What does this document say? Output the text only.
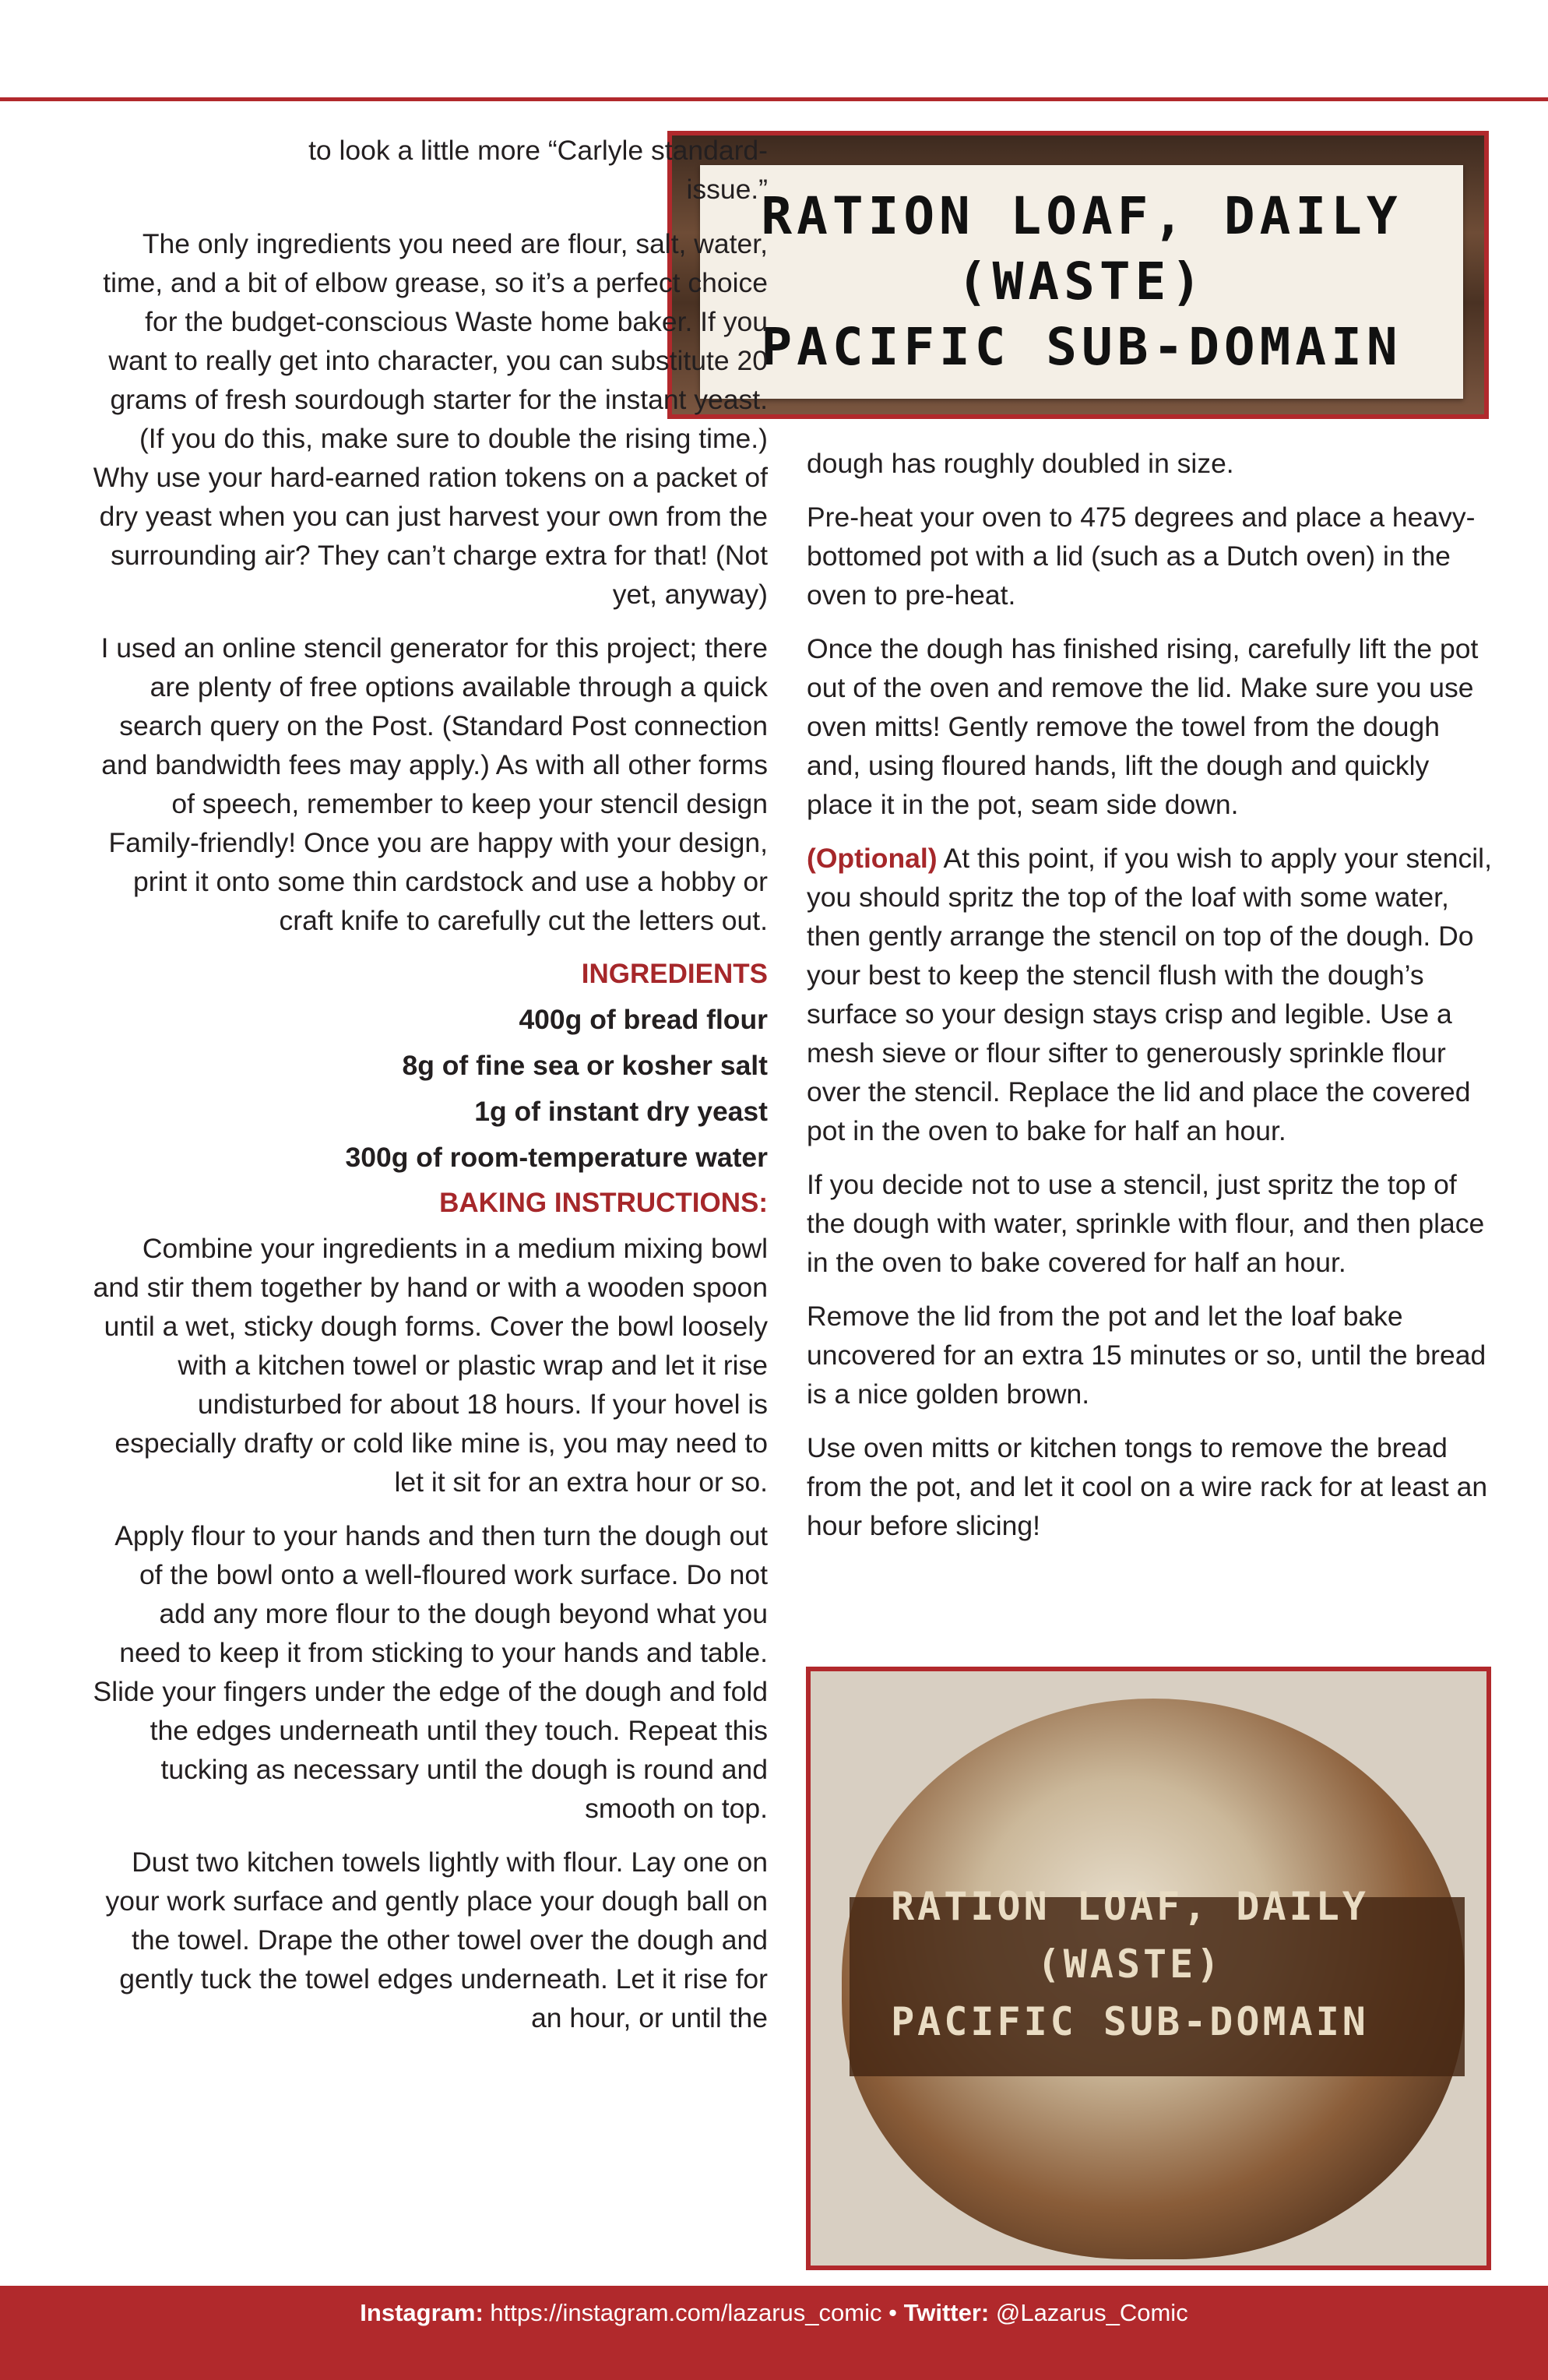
RATION LOAF, DAILY
(WASTE)
PACIFIC SUB-DOMAIN

to look a little more “Carlyle standard-issue.”

The only ingredients you need are flour, salt, water, time, and a bit of elbow grease, so it’s a perfect choice for the budget-conscious Waste home baker. If you want to really get into character, you can substitute 20 grams of fresh sourdough starter for the instant yeast. (If you do this, make sure to double the rising time.) Why use your hard-earned ration tokens on a packet of dry yeast when you can just harvest your own from the surrounding air? They can’t charge extra for that! (Not yet, anyway)

I used an online stencil generator for this project; there are plenty of free options available through a quick search query on the Post. (Standard Post connection and bandwidth fees may apply.) As with all other forms of speech, remember to keep your stencil design Family-friendly! Once you are happy with your design, print it onto some thin cardstock and use a hobby or craft knife to carefully cut the letters out.

INGREDIENTS
400g of bread flour
8g of fine sea or kosher salt
1g of instant dry yeast
300g of room-temperature water
BAKING INSTRUCTIONS:

Combine your ingredients in a medium mixing bowl and stir them together by hand or with a wooden spoon until a wet, sticky dough forms. Cover the bowl loosely with a kitchen towel or plastic wrap and let it rise undisturbed for about 18 hours. If your hovel is especially drafty or cold like mine is, you may need to let it sit for an extra hour or so.

Apply flour to your hands and then turn the dough out of the bowl onto a well-floured work surface. Do not add any more flour to the dough beyond what you need to keep it from sticking to your hands and table. Slide your fingers under the edge of the dough and fold the edges underneath until they touch. Repeat this tucking as necessary until the dough is round and smooth on top.

Dust two kitchen towels lightly with flour. Lay one on your work surface and gently place your dough ball on the towel. Drape the other towel over the dough and gently tuck the towel edges underneath. Let it rise for an hour, or until the

dough has roughly doubled in size.

Pre-heat your oven to 475 degrees and place a heavy-bottomed pot with a lid (such as a Dutch oven) in the oven to pre-heat.

Once the dough has finished rising, carefully lift the pot out of the oven and remove the lid. Make sure you use oven mitts! Gently remove the towel from the dough and, using floured hands, lift the dough and quickly place it in the pot, seam side down.

(Optional) At this point, if you wish to apply your stencil, you should spritz the top of the loaf with some water, then gently arrange the stencil on top of the dough. Do your best to keep the stencil flush with the dough’s surface so your design stays crisp and legible. Use a mesh sieve or flour sifter to generously sprinkle flour over the stencil. Replace the lid and place the covered pot in the oven to bake for half an hour.

If you decide not to use a stencil, just spritz the top of the dough with water, sprinkle with flour, and then place in the oven to bake covered for half an hour.

Remove the lid from the pot and let the loaf bake uncovered for an extra 15 minutes or so, until the bread is a nice golden brown.

Use oven mitts or kitchen tongs to remove the bread from the pot, and let it cool on a wire rack for at least an hour before slicing!

RATION LOAF, DAILY
(WASTE)
PACIFIC SUB-DOMAIN
Instagram: https://instagram.com/lazarus_comic • Twitter: @Lazarus_Comic
